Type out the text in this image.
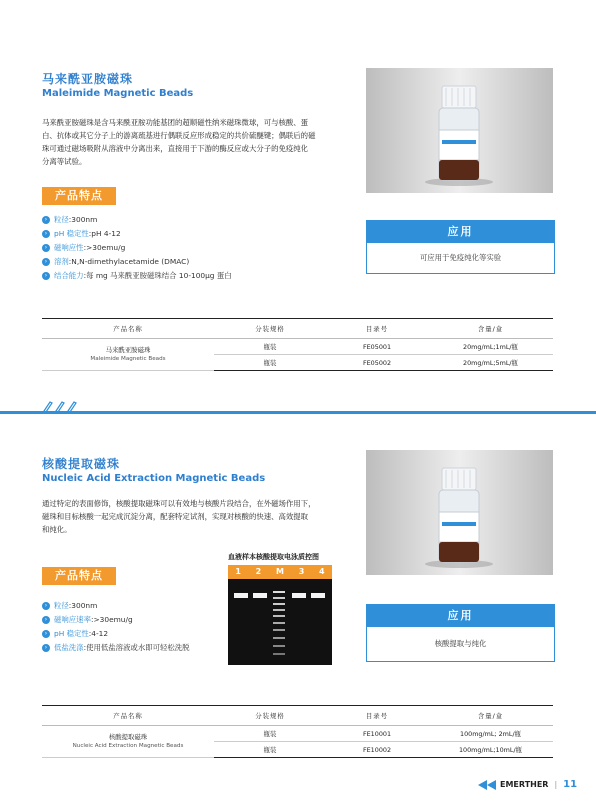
马来酰亚胺磁珠
Maleimide Magnetic Beads
马来酰亚胺磁珠是含马来酰亚胺功能基团的超顺磁性纳米磁珠微球，可与核酸、蛋
白、抗体或其它分子上的游离巯基进行偶联反应形成稳定的共价硫醚键；偶联后的磁
珠可通过磁场吸附从溶液中分离出来，直接用于下游的酶反应或大分子的免疫纯化
分离等试验。
产品特点
› 粒径 : 300nm
› pH 稳定性 : pH 4-12
› 磁响应性 : >30emu/g
› 溶剂 : N,N-dimethylacetamide (DMAC)
› 结合能力 : 每 mg 马来酰亚胺磁珠结合 10-100μg 蛋白
应用
可应用于免疫纯化等实验
产品名称	分装规格	目录号	含量/盒

马来酰亚胺磁珠
Maleimide Magnetic Beads	瓶装	FE05001	20mg/mL;1mL/瓶
	瓶装	FE05002	20mg/mL;5mL/瓶
核酸提取磁珠
Nucleic Acid Extraction Magnetic Beads
通过特定的表面修饰，核酸提取磁珠可以有效地与核酸片段结合，在外磁场作用下，
磁珠和目标核酸一起完成沉淀分离，配套特定试剂，实现对核酸的快速、高效提取
和纯化。
产品特点
› 粒径 : 300nm
› 磁响应速率 : >30emu/g
› pH 稳定性 : 4-12
› 低盐洗涤 : 使用低盐溶液或水即可轻松洗脱
血液样本核酸提取电泳质控图
1 2 M 3 4
应用
核酸提取与纯化
产品名称	分装规格	目录号	含量/盒

核酸提取磁珠
Nucleic Acid Extraction Magnetic Beads	瓶装	FE10001	100mg/mL; 2mL/瓶
	瓶装	FE10002	100mg/mL;10mL/瓶
EMERTHER | 11
